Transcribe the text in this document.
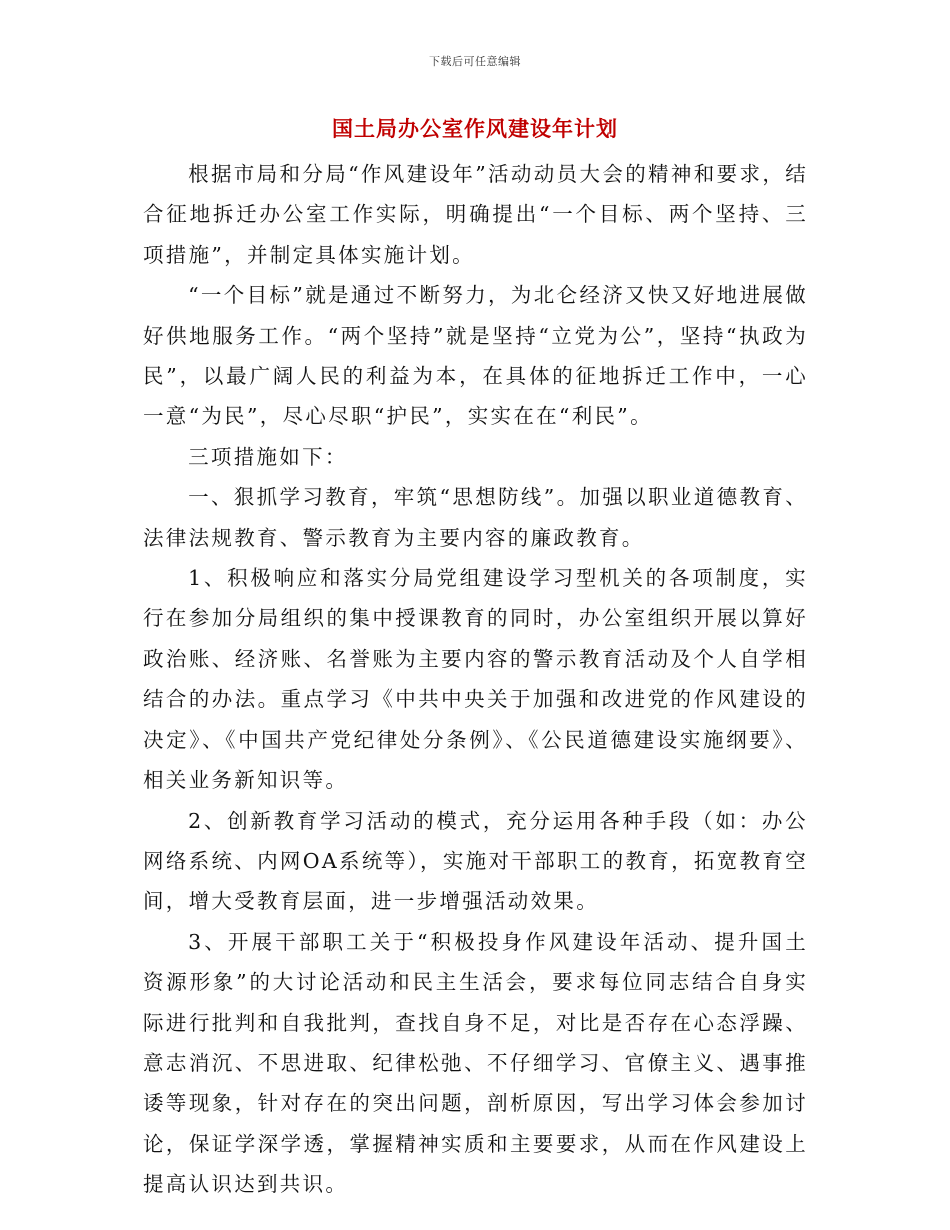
下载后可任意编辑
国土局办公室作风建设年计划

根据市局和分局“作风建设年”活动动员大会的精神和要求，结合征地拆迁办公室工作实际，明确提出“一个目标、两个坚持、三项措施”，并制定具体实施计划。

“一个目标”就是通过不断努力，为北仑经济又快又好地进展做好供地服务工作。“两个坚持”就是坚持“立党为公”，坚持“执政为民”，以最广阔人民的利益为本，在具体的征地拆迁工作中，一心一意“为民”，尽心尽职“护民”，实实在在“利民”。

三项措施如下：

一、狠抓学习教育，牢筑“思想防线”。加强以职业道德教育、法律法规教育、警示教育为主要内容的廉政教育。

1、积极响应和落实分局党组建设学习型机关的各项制度，实行在参加分局组织的集中授课教育的同时，办公室组织开展以算好政治账、经济账、名誉账为主要内容的警示教育活动及个人自学相结合的办法。重点学习《中共中央关于加强和改进党的作风建设的决定》、《中国共产党纪律处分条例》、《公民道德建设实施纲要》、相关业务新知识等。

2、创新教育学习活动的模式，充分运用各种手段（如：办公网络系统、内网OA系统等），实施对干部职工的教育，拓宽教育空间，增大受教育层面，进一步增强活动效果。

3、开展干部职工关于“积极投身作风建设年活动、提升国土资源形象”的大讨论活动和民主生活会，要求每位同志结合自身实际进行批判和自我批判，查找自身不足，对比是否存在心态浮躁、意志消沉、不思进取、纪律松弛、不仔细学习、官僚主义、遇事推诿等现象，针对存在的突出问题，剖析原因，写出学习体会参加讨论，保证学深学透，掌握精神实质和主要要求，从而在作风建设上提高认识达到共识。
